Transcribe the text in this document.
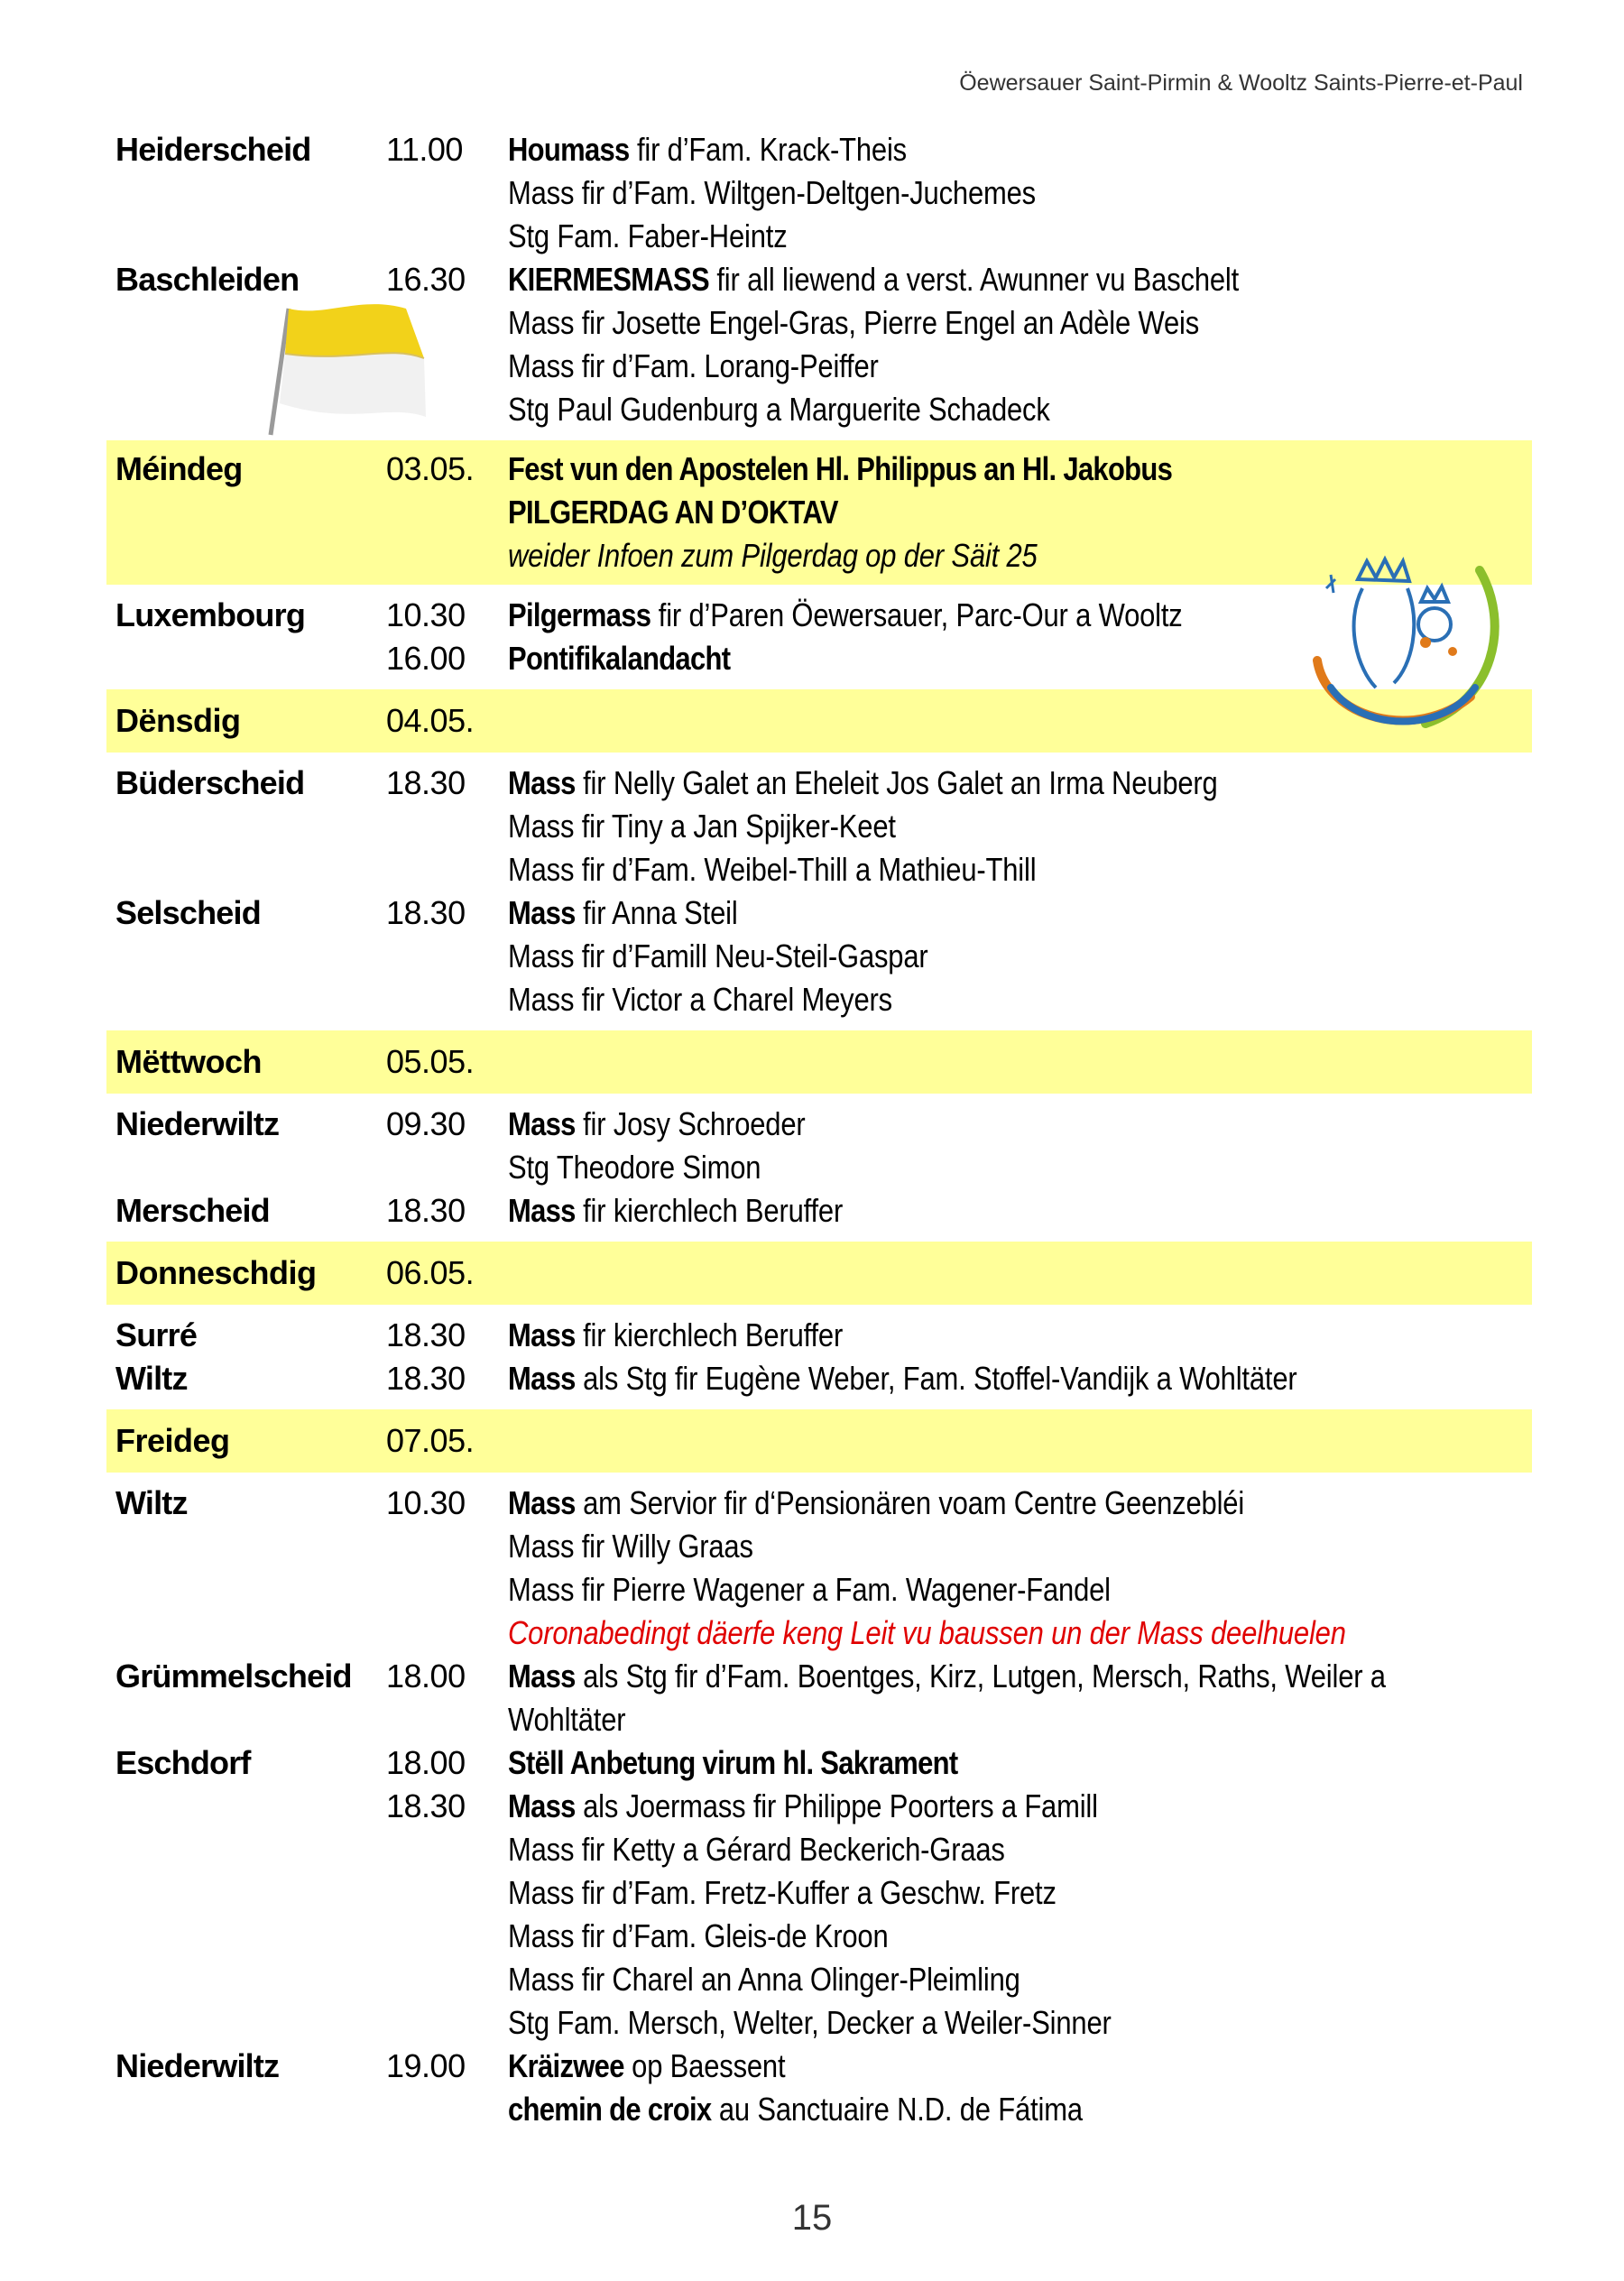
Öewersauer Saint-Pirmin & Wooltz Saints-Pierre-et-Paul
Heiderscheid 11.00 Houmass fir d’Fam. Krack-Theis
Mass fir d’Fam. Wiltgen-Deltgen-Juchemes
Stg Fam. Faber-Heintz
Baschleiden	16.30 KIERMESMASS fir all liewend a verst. Awunner vu Baschelt
Mass fir Josette Engel-Gras, Pierre Engel an Adèle Weis
Mass fir d’Fam. Lorang-Peiffer
Stg Paul Gudenburg a Marguerite Schadeck
Méindeg	03.05. Fest vun den Apostelen Hl. Philippus an Hl. Jakobus
PILGERDAG AN D’OKTAV
weider Infoen zum Pilgerdag op der Säit 25
Luxembourg 10.30 Pilgermass fir d’Paren Öewersauer, Parc-Our a Wooltz
16.00 Pontifikalandacht
Dënsdig	04.05.
Büderscheid	18.30 Mass fir Nelly Galet an Eheleit Jos Galet an Irma Neuberg
Mass fir Tiny a Jan Spijker-Keet
Mass fir d’Fam. Weibel-Thill a Mathieu-Thill
Selscheid	18.30 Mass fir Anna Steil
Mass fir d’Famill Neu-Steil-Gaspar
Mass fir Victor a Charel Meyers
Mëttwoch	05.05.
Niederwiltz	09.30 Mass fir Josy Schroeder
Stg Theodore Simon
Merscheid	18.30 Mass fir kierchlech Beruffer
Donneschdig 06.05.
Surré	18.30 Mass fir kierchlech Beruffer
Wiltz	18.30 Mass als Stg fir Eugène Weber, Fam. Stoffel-Vandijk a Wohltäter
Freideg	07.05.
Wiltz	10.30 Mass am Servior fir d‘Pensionären voam Centre Geenzebléi
Mass fir Willy Graas
Mass fir Pierre Wagener a Fam. Wagener-Fandel
Coronabedingt däerfe keng Leit vu baussen un der Mass deelhuelen
Grümmelscheid 18.00 Mass als Stg fir d’Fam. Boentges, Kirz, Lutgen, Mersch, Raths, Weiler a
Wohltäter
Eschdorf	18.00 Stëll Anbetung virum hl. Sakrament
18.30 Mass als Joermass fir Philippe Poorters a Famill
Mass fir Ketty a Gérard Beckerich-Graas
Mass fir d’Fam. Fretz-Kuffer a Geschw. Fretz
Mass fir d’Fam. Gleis-de Kroon
Mass fir Charel an Anna Olinger-Pleimling
Stg Fam. Mersch, Welter, Decker a Weiler-Sinner
Niederwiltz	19.00 Kräizwee op Baessent
chemin de croix au Sanctuaire N.D. de Fátima
15
